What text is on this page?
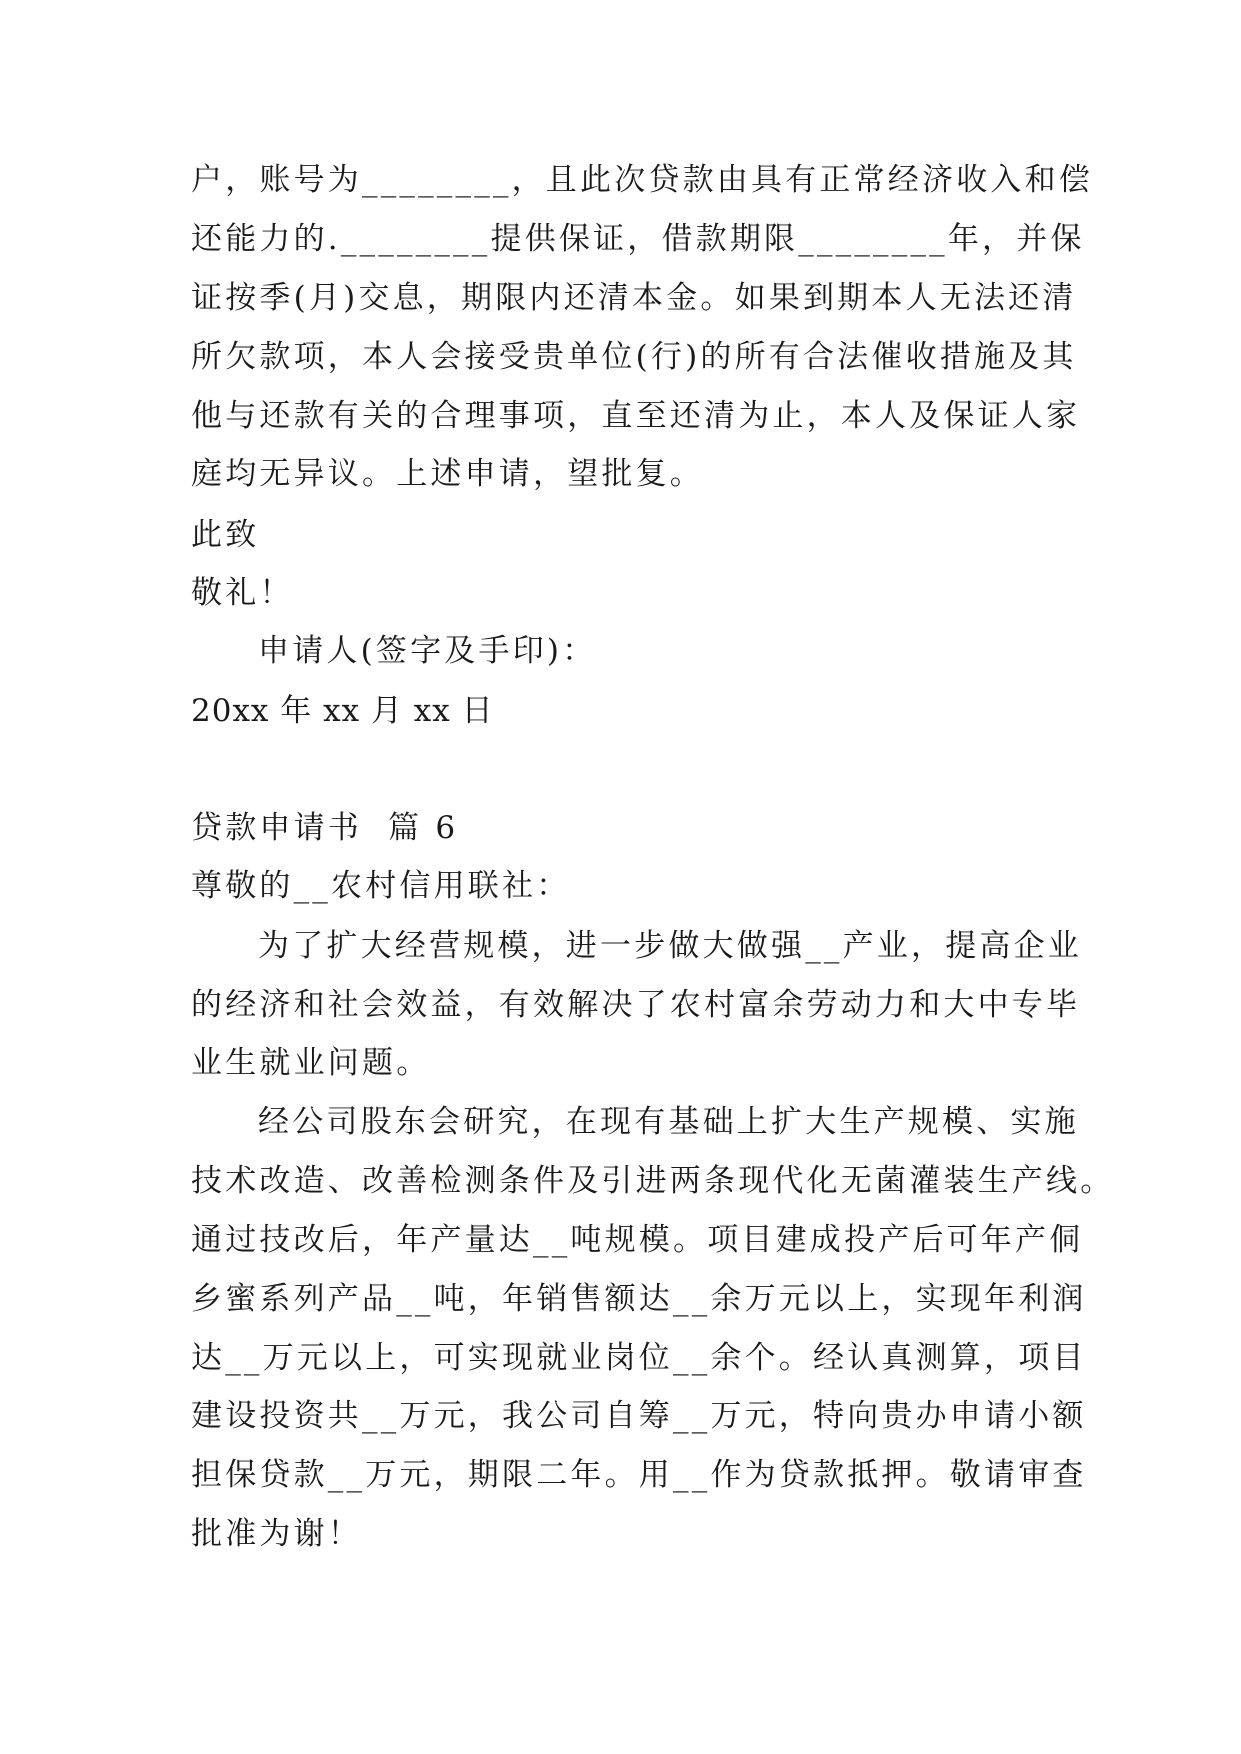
户，账号为________，且此次贷款由具有正常经济收入和偿
还能力的.________提供保证，借款期限________年，并保
证按季(月)交息，期限内还清本金。如果到期本人无法还清
所欠款项，本人会接受贵单位(行)的所有合法催收措施及其
他与还款有关的合理事项，直至还清为止，本人及保证人家
庭均无异议。上述申请，望批复。
此致
敬礼！
申请人(签字及手印)：
20xx 年 xx 月 xx 日
贷款申请书  篇 6
尊敬的__农村信用联社：
为了扩大经营规模，进一步做大做强__产业，提高企业
的经济和社会效益，有效解决了农村富余劳动力和大中专毕
业生就业问题。
经公司股东会研究，在现有基础上扩大生产规模、实施
技术改造、改善检测条件及引进两条现代化无菌灌装生产线。
通过技改后，年产量达__吨规模。项目建成投产后可年产侗
乡蜜系列产品__吨，年销售额达__余万元以上，实现年利润
达__万元以上，可实现就业岗位__余个。经认真测算，项目
建设投资共__万元，我公司自筹__万元，特向贵办申请小额
担保贷款__万元，期限二年。用__作为贷款抵押。敬请审查
批准为谢！
